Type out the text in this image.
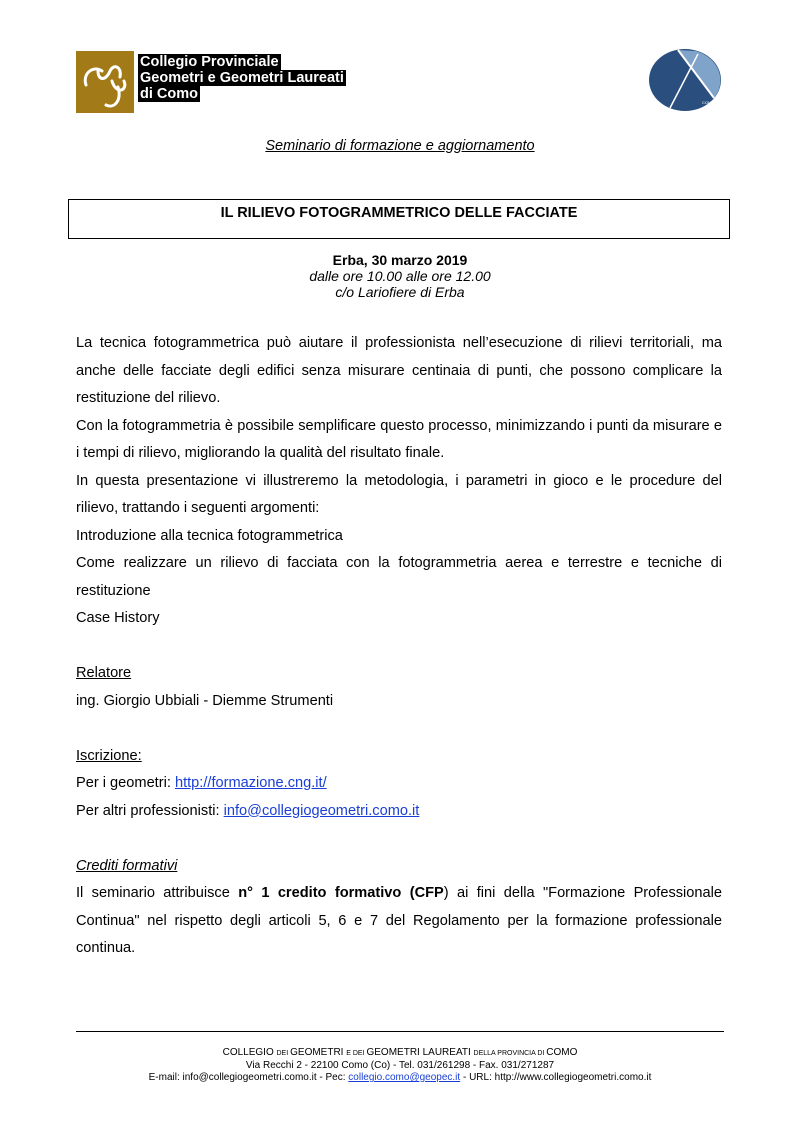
Collegio Provinciale
Geometri e Geometri Laureati
di Como
COMO
Seminario di formazione e aggiornamento
IL RILIEVO FOTOGRAMMETRICO DELLE FACCIATE
Erba, 30 marzo 2019
dalle ore 10.00 alle ore 12.00
c/o Lariofiere di Erba

La tecnica fotogrammetrica può aiutare il professionista nell’esecuzione di rilievi territoriali, ma anche delle facciate degli edifici senza misurare centinaia di punti, che possono complicare la restituzione del rilievo.

Con la fotogrammetria è possibile semplificare questo processo, minimizzando i punti da misurare e i tempi di rilievo, migliorando la qualità del risultato finale.

In questa presentazione vi illustreremo la metodologia, i parametri in gioco e le procedure del rilievo, trattando i seguenti argomenti:

Introduzione alla tecnica fotogrammetrica

Come realizzare un rilievo di facciata con la fotogrammetria aerea e terrestre e tecniche di restituzione

Case History

Relatore

ing. Giorgio Ubbiali - Diemme Strumenti

Iscrizione:

Per i geometri: http://formazione.cng.it/

Per altri professionisti: info@collegiogeometri.como.it

Crediti formativi

Il seminario attribuisce n° 1 credito formativo (CFP) ai fini della "Formazione Professionale Continua" nel rispetto degli articoli 5, 6 e 7 del Regolamento per la formazione professionale continua.

COLLEGIO DEI GEOMETRI E DEI GEOMETRI LAUREATI DELLA PROVINCIA DI COMO
Via Recchi 2 - 22100 Como (Co) - Tel. 031/261298 - Fax. 031/271287
E-mail: info@collegiogeometri.como.it - Pec: collegio.como@geopec.it - URL: http://www.collegiogeometri.como.it
